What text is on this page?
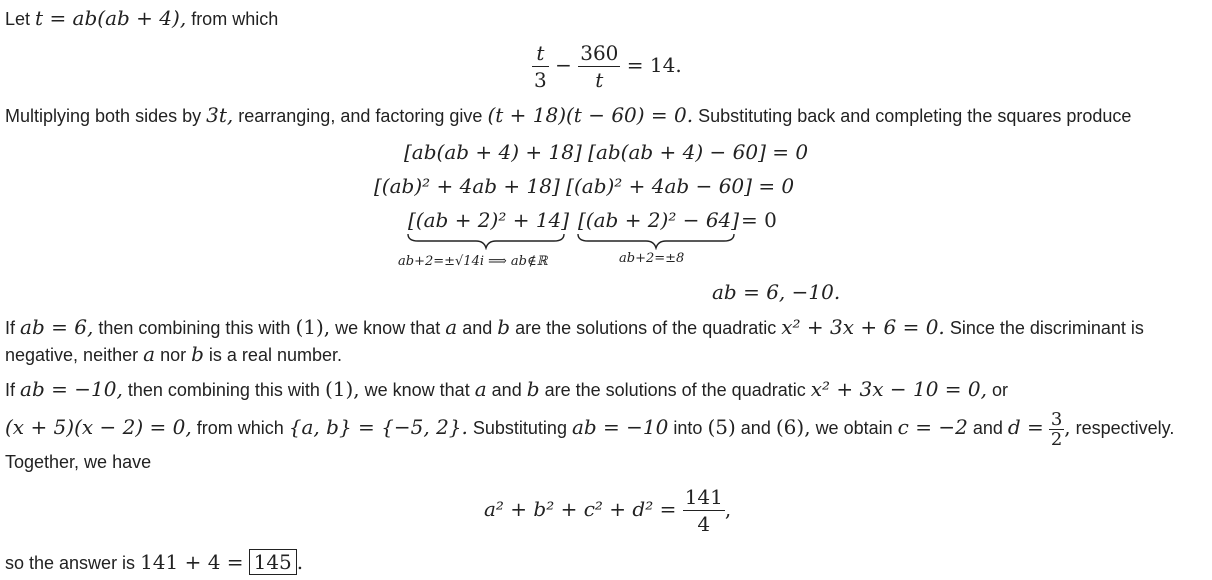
Let t = ab(ab + 4), from which
$\frac{t}{3} - \frac{360}{t} = 14$.
Multiplying both sides by 3t, rearranging, and factoring give (t + 18)(t − 60) = 0. Substituting back and completing the squares produce
[ab(ab + 4) + 18] [ab(ab + 4) − 60] = 0
[(ab)² + 4ab + 18] [(ab)² + 4ab − 60] = 0
[(ab + 2)² + 14] [(ab + 2)² − 64] = 0
ab+2=±√14i ⟹ ab∉ℝ	ab+2=±8
ab = 6, −10.
If ab = 6, then combining this with (1), we know that a and b are the solutions of the quadratic x² + 3x + 6 = 0. Since the discriminant is
negative, neither a nor b is a real number.
If ab = −10, then combining this with (1), we know that a and b are the solutions of the quadratic x² + 3x − 10 = 0, or
(x + 5)(x − 2) = 0, from which {a, b} = {−5, 2}. Substituting ab = −10 into (5) and (6), we obtain c = −2 and $d = \frac{3}{2}$ , respectively.
Together, we have
$a^2 + b^2 + c^2 + d^2 = \frac{141}{4}$ ,
so the answer is 141 + 4 = 145 .
